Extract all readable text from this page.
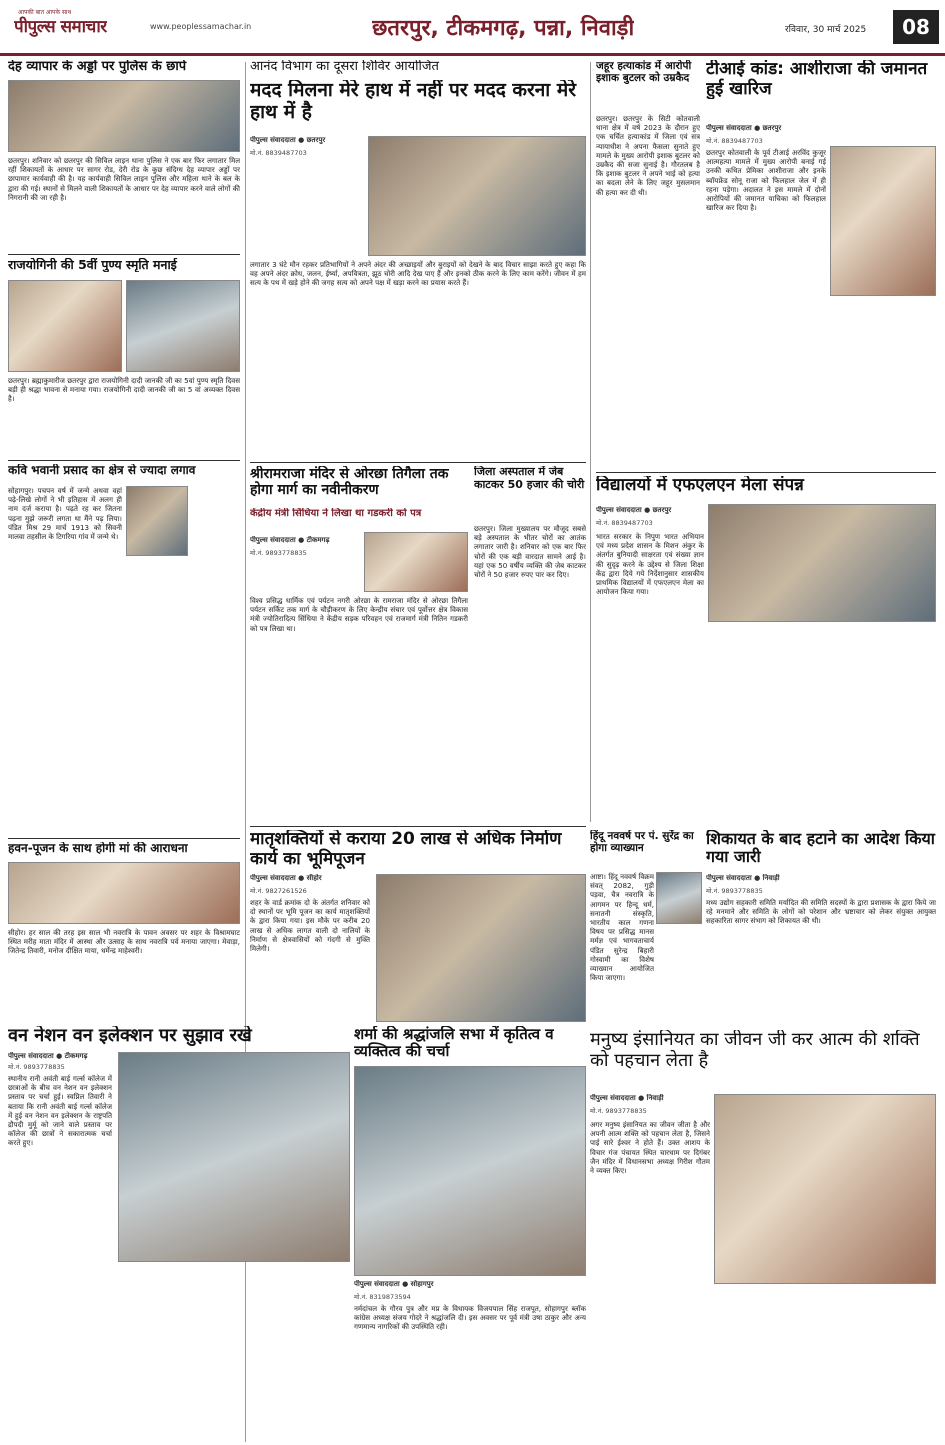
आपकी बात आपके साथ
पीपुल्स समाचार	www.peoplessamachar.in	छतरपुर, टीकमगढ़, पन्ना, निवाड़ी	रविवार, 30 मार्च 2025	08
देह व्यापार के अड्डों पर पुलिस के छापे
छतरपुर। शनिवार को छतरपुर की सिविल लाइन थाना पुलिस ने एक बार फिर लगातार मिल रहीं शिकायतों के आधार पर सागर रोड, देरी रोड के कुछ संदिग्ध देह व्यापार अड्डों पर छापामार कार्यवाही की है। यह कार्यवाही सिविल लाइन पुलिस और महिला थाने के बल के द्वारा की गई। स्थानों से मिलने वाली शिकायतों के आधार पर देह व्यापार करने वाले लोगों की निगरानी की जा रही है।
राजयोगिनी की 5वीं पुण्य स्मृति मनाई
छतरपुर। ब्रह्माकुमारीज छतरपुर द्वारा राजयोगिनी दादी जानकी जी का 5वां पुण्य स्मृति दिवस बड़ी ही श्रद्धा भावना से मनाया गया। राजयोगिनी दादी जानकी जी का 5 वां अव्यक्त दिवस है।
कवि भवानी प्रसाद का क्षेत्र से ज्यादा लगाव
सोहागपुर। पचपन वर्ष में जन्मे अथवा वहां पढ़े-लिखे लोगों ने भी इतिहास में अलग ही नाम दर्ज कराया है। पढ़ते रह कर जितना पढ़ना मुझे जरूरी लगता था मैंने पढ़ लिया। पंडित मिश्र 29 मार्च 1913 को सिवनी मालवा तहसील के टिगरिया गांव में जन्मे थे।
हवन-पूजन के साथ होगी मां की आराधना
सीहोर। हर साल की तरह इस साल भी नवरात्रि के पावन अवसर पर शहर के विश्रामघाट स्थित मरीह माता मंदिर में आस्था और उत्साह के साथ नवरात्रि पर्व मनाया जाएगा। मेवाड़ा, जितेन्द्र तिवारी, मनोज दीक्षित माया, धर्मेन्द्र माहेश्वरी।
वन नेशन वन इलेक्शन पर सुझाव रखे
पीपुल्स संवाददाता ● टीकमगढ़
मो.नं. 9893778835
स्थानीय रानी अवंती बाई गर्ल्स कॉलेज में छात्राओं के बीच वन नेशन वन इलेक्शन प्रस्ताव पर चर्चा हुई। स्वप्निल तिवारी ने बताया कि रानी अवंती बाई गर्ल्स कॉलेज में हुई वन नेशन वन इलेक्शन के राष्ट्रपति द्रौपदी मुर्मू को जाने वाले प्रस्ताव पर कॉलेज की छात्रों ने सकारात्मक चर्चा करते हुए।
आनंद विभाग का दूसरा शिविर आयोजित
मदद मिलना मेरे हाथ में नहीं पर मदद करना मेरे हाथ में है
पीपुल्स संवाददाता ● छतरपुर
मो.नं. 8839487703
लगातार 3 घंटे मौन रहकर प्रतिभागियों ने अपने अंदर की अच्छाइयों और बुराइयों को देखने के बाद विचार साझा करते हुए कहा कि वह अपने अंदर क्रोध, जलन, ईर्ष्या, अपवित्रता, झूठ चोरी आदि देख पाए हैं और इनको ठीक करने के लिए काम करेंगे। जीवन में हम सत्य के पथ में खड़े होने की जगह सत्य को अपने पक्ष में खड़ा करने का प्रयास करते हैं।
श्रीरामराजा मंदिर से ओरछा तिगैला तक होगा मार्ग का नवीनीकरण
केंद्रीय मंत्री सिंधिया ने लिखा था गडकरी को पत्र
पीपुल्स संवाददाता ● टीकमगढ़
मो.नं. 9893778835
विश्व प्रसिद्ध धार्मिक एवं पर्यटन नगरी ओरछा के रामराजा मंदिर से ओरछा तिगैला पर्यटन सर्किट तक मार्ग के चौड़ीकरण के लिए केन्द्रीय संचार एवं पूर्वोत्तर क्षेत्र विकास मंत्री ज्योतिरादित्य सिंधिया ने केंद्रीय सड़क परिवहन एवं राजमार्ग मंत्री नितिन गडकरी को पत्र लिखा था।
जिला अस्पताल में जेब काटकर 50 हजार की चोरी
छतरपुर। जिला मुख्यालय पर मौजूद सबसे बड़े अस्पताल के भीतर चोरों का आतंक लगातार जारी है। शनिवार को एक बार फिर चोरों की एक बड़ी वारदात सामने आई है। यहां एक 50 वर्षीय व्यक्ति की जेब काटकर चोरों ने 50 हजार रुपए पार कर दिए।
मातृशक्तियों से कराया 20 लाख से अधिक निर्माण कार्य का भूमिपूजन
पीपुल्स संवाददाता ● सीहोर
मो.नं. 9827261526
शहर के वार्ड क्रमांक दो के अंतर्गत शनिवार को दो स्थानों पर भूमि पूजन का कार्य मातृशक्तियों के द्वारा किया गया। इस मौके पर करीब 20 लाख से अधिक लागत वाली दो नालियों के निर्माण से क्षेत्रवासियों को गंदगी से मुक्ति मिलेगी।
शर्मा की श्रद्धांजलि सभा में कृतित्व व व्यक्तित्व की चर्चा
पीपुल्स संवाददाता ● सोहागपुर
मो.नं. 8319873594
नर्मदांचल के गौरव पुत्र और मप्र के विधायक विजयपाल सिंह राजपूत, सोहागपुर ब्लॉक कांग्रेस अध्यक्ष संजय गोदरे ने श्रद्धांजलि दी। इस अवसर पर पूर्व मंत्री उषा ठाकुर और अन्य गणमान्य नागरिकों की उपस्थिति रही।
जहूर हत्याकांड में आरोपी इशाक बुटलर को उम्रकैद
छतरपुर। छतरपुर के सिटी कोतवाली थाना क्षेत्र में वर्ष 2023 के दौरान हुए एक चर्चित हत्याकांड में जिला एवं सत्र न्यायाधीश ने अपना फैसला सुनाते हुए मामले के मुख्य आरोपी इशाक बुटलर को उम्रकैद की सजा सुनाई है। गौरतलब है कि इशाक बुटलर ने अपने भाई को हत्या का बदला लेने के लिए जहूर मुसलमान की हत्या कर दी थी।
टीआई कांड: आशीराजा की जमानत हुई खारिज
पीपुल्स संवाददाता ● छतरपुर
मो.नं. 8839487703
छतरपुर कोतवाली के पूर्व टीआई अरविंद कुजूर आत्महत्या मामले में मुख्य आरोपी बनाई गई उनकी कथित प्रेमिका आशीराजा और इनके ब्वॉयफ्रेंड सोनू राजा को फिलहाल जेल में ही रहना पड़ेगा। अदालत ने इस मामले में दोनों आरोपियों की जमानत याचिका को फिलहाल खारिज कर दिया है।
विद्यालयों में एफएलएन मेला संपन्न
पीपुल्स संवाददाता ● छतरपुर
मो.नं. 8839487703
भारत सरकार के निपुण भारत अभियान एवं मध्य प्रदेश शासन के मिशन अंकुर के अंतर्गत बुनियादी साक्षरता एवं संख्या ज्ञान की सुदृढ़ करने के उद्देश्य से जिला शिक्षा केंद्र द्वारा दिये गये निर्देशानुसार शासकीय प्राथमिक विद्यालयों में एफएलएन मेला का आयोजन किया गया।
हिंदू नववर्ष पर पं. सुरेंद्र का होगा व्याख्यान
आष्टा। हिंदू नववर्ष विक्रम संवत् 2082, गुड़ी पड़वा, चैत्र नवरात्रि के आगमन पर हिन्दू धर्म, सनातनी संस्कृति, भारतीय काल गणना विषय पर प्रसिद्ध मानस मर्मज्ञ एवं भागवताचार्य पंडित सुरेन्द्र बिहारी गोस्वामी का विशेष व्याख्यान आयोजित किया जाएगा।
शिकायत के बाद हटाने का आदेश किया गया जारी
पीपुल्स संवाददाता ● निवाड़ी
मो.नं. 9893778835
मध्य उद्योग सहकारी समिति मर्यादित की समिति सदस्यों के द्वारा प्रशासक के द्वारा किये जा रहे मनमाने और समिति के लोगों को परेशान और भ्रष्टाचार को लेकर संयुक्त आयुक्त सहकारिता सागर संभाग को शिकायत की थी।
मनुष्य इंसानियत का जीवन जी कर आत्म की शक्ति को पहचान लेता है
पीपुल्स संवाददाता ● निवाड़ी
मो.नं. 9893778835
अगर मनुष्य इंसानियत का जीवन जीता है और अपनी आत्म शक्ति को पहचान लेता है, जिसने पाई सारे ईश्वर ने होते हैं। उक्त आशय के विचार गंज पंचायत स्थित चारधाम पर दिगंबर जैन मंदिर में विधानसभा अध्यक्ष गिरीश गौतम ने व्यक्त किए।
